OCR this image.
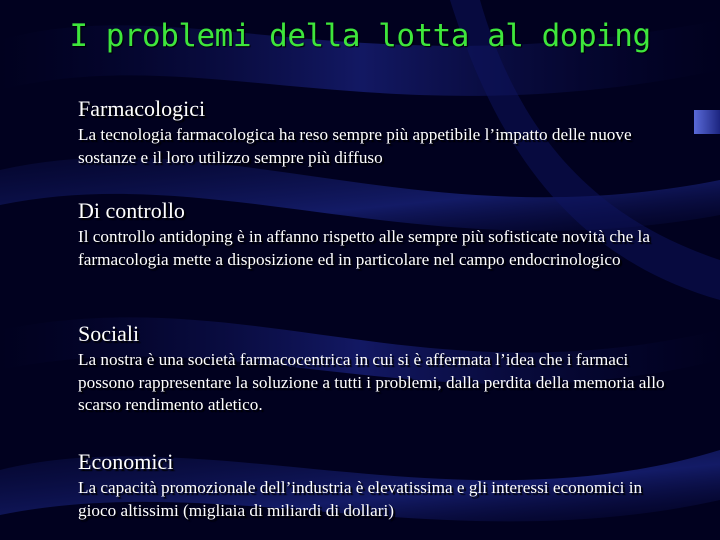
I problemi della lotta al doping
Farmacologici
La tecnologia farmacologica ha reso sempre più appetibile l’impatto delle nuove sostanze e il loro utilizzo sempre più diffuso
Di controllo
Il controllo antidoping è in affanno rispetto alle sempre più sofisticate novità che la farmacologia mette a disposizione ed in particolare nel campo endocrinologico
Sociali
La nostra è una società farmacocentrica in cui si è affermata l’idea che i farmaci possono rappresentare la soluzione a tutti i problemi, dalla perdita della memoria allo scarso rendimento atletico.
Economici
La capacità promozionale dell’industria è elevatissima e gli interessi economici in gioco altissimi (migliaia di miliardi di dollari)
